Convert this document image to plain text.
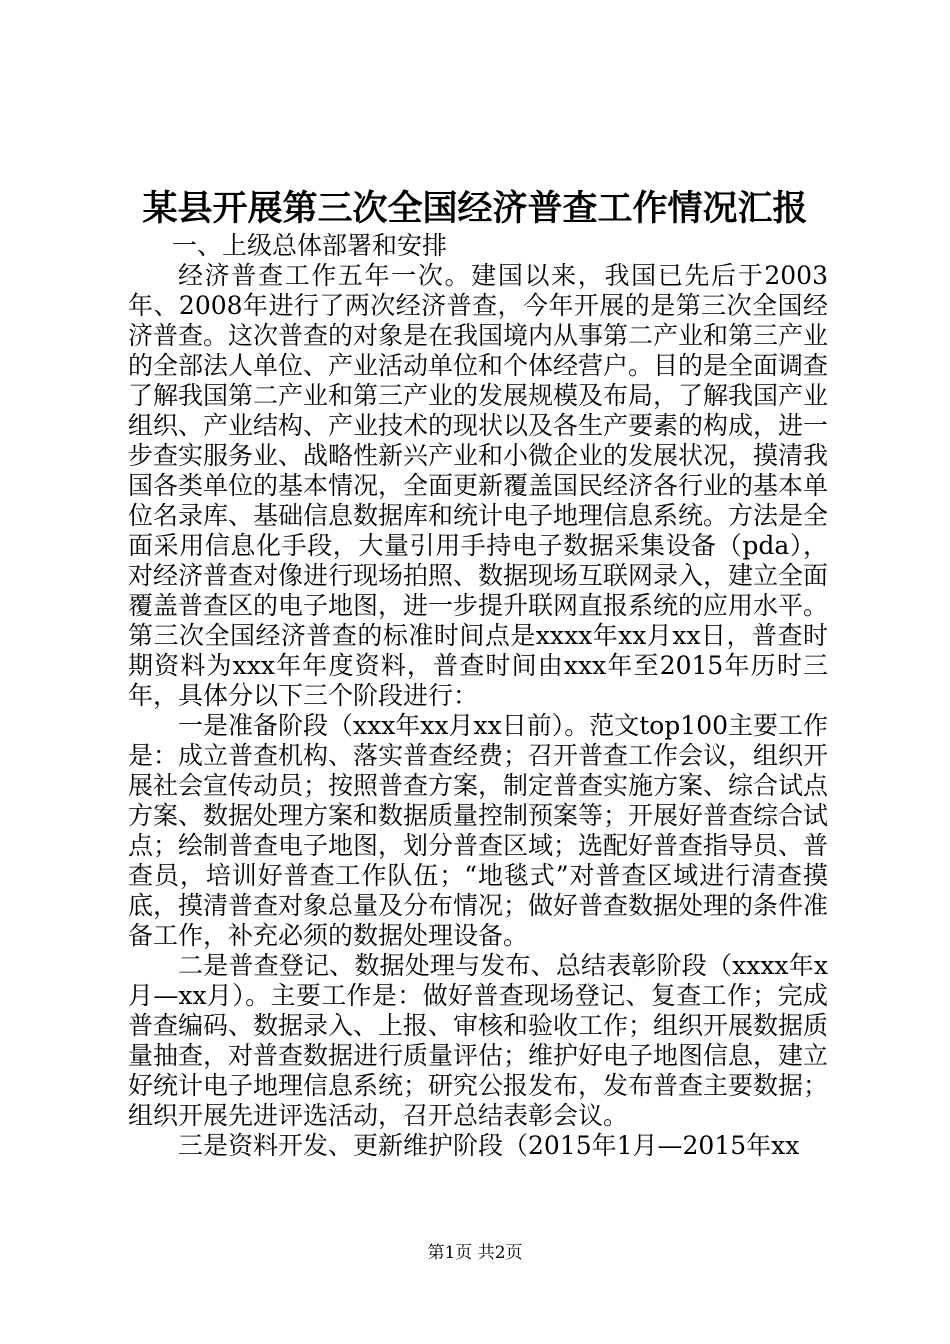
某县开展第三次全国经济普查工作情况汇报

一、上级总体部署和安排

经济普查工作五年一次。建国以来，我国已先后于2003年、2008年进行了两次经济普查，今年开展的是第三次全国经济普查。这次普查的对象是在我国境内从事第二产业和第三产业的全部法人单位、产业活动单位和个体经营户。目的是全面调查了解我国第二产业和第三产业的发展规模及布局，了解我国产业组织、产业结构、产业技术的现状以及各生产要素的构成，进一步查实服务业、战略性新兴产业和小微企业的发展状况，摸清我国各类单位的基本情况，全面更新覆盖国民经济各行业的基本单位名录库、基础信息数据库和统计电子地理信息系统。方法是全面采用信息化手段，大量引用手持电子数据采集设备（pda），对经济普查对像进行现场拍照、数据现场互联网录入，建立全面覆盖普查区的电子地图，进一步提升联网直报系统的应用水平。第三次全国经济普查的标准时间点是xxxx年xx月xx日，普查时期资料为xxx年年度资料，普查时间由xxx年至2015年历时三年，具体分以下三个阶段进行：

一是准备阶段（xxx年xx月xx日前）。范文top100主要工作是：成立普查机构、落实普查经费；召开普查工作会议，组织开展社会宣传动员；按照普查方案，制定普查实施方案、综合试点方案、数据处理方案和数据质量控制预案等；开展好普查综合试点；绘制普查电子地图，划分普查区域；选配好普查指导员、普查员，培训好普查工作队伍；“地毯式”对普查区域进行清查摸底，摸清普查对象总量及分布情况；做好普查数据处理的条件准备工作，补充必须的数据处理设备。

二是普查登记、数据处理与发布、总结表彰阶段（xxxx年x月—xx月）。主要工作是：做好普查现场登记、复查工作；完成普查编码、数据录入、上报、审核和验收工作；组织开展数据质量抽查，对普查数据进行质量评估；维护好电子地图信息，建立好统计电子地理信息系统；研究公报发布，发布普查主要数据；组织开展先进评选活动，召开总结表彰会议。

三是资料开发、更新维护阶段（2015年1月—2015年xx

第1页 共2页
